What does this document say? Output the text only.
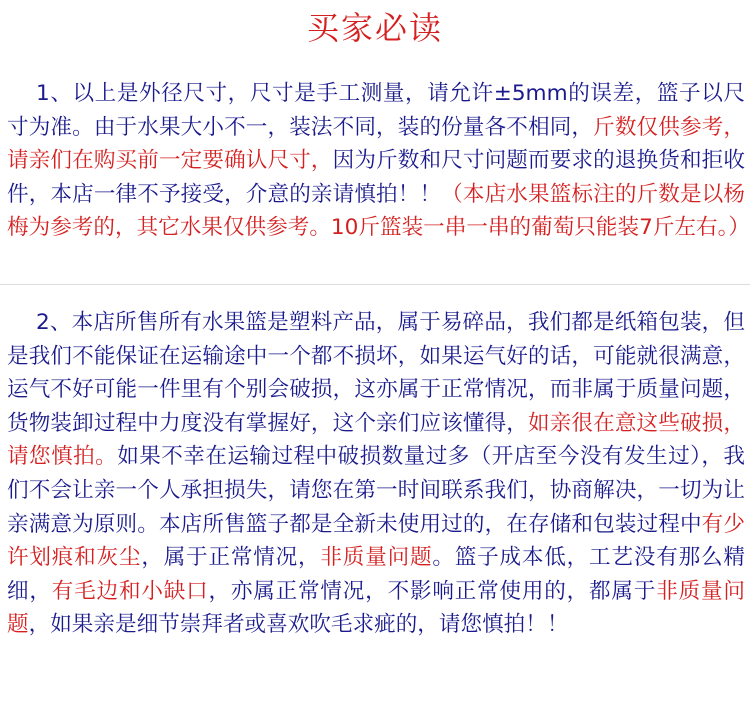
买家必读

1、以上是外径尺寸，尺寸是手工测量，请允许±5mm的误差，篮子以尺寸为准。由于水果大小不一，装法不同，装的份量各不相同，斤数仅供参考，请亲们在购买前一定要确认尺寸，因为斤数和尺寸问题而要求的退换货和拒收件，本店一律不予接受，介意的亲请慎拍！！（本店水果篮标注的斤数是以杨梅为参考的，其它水果仅供参考。10斤篮装一串一串的葡萄只能装7斤左右。）

2、本店所售所有水果篮是塑料产品，属于易碎品，我们都是纸箱包装，但是我们不能保证在运输途中一个都不损坏，如果运气好的话，可能就很满意，运气不好可能一件里有个别会破损，这亦属于正常情况，而非属于质量问题，货物装卸过程中力度没有掌握好，这个亲们应该懂得，如亲很在意这些破损，请您慎拍。如果不幸在运输过程中破损数量过多（开店至今没有发生过），我们不会让亲一个人承担损失，请您在第一时间联系我们，协商解决，一切为让亲满意为原则。本店所售篮子都是全新未使用过的，在存储和包装过程中有少许划痕和灰尘，属于正常情况，非质量问题。篮子成本低，工艺没有那么精细，有毛边和小缺口，亦属正常情况，不影响正常使用的，都属于非质量问题，如果亲是细节崇拜者或喜欢吹毛求疵的，请您慎拍！！
